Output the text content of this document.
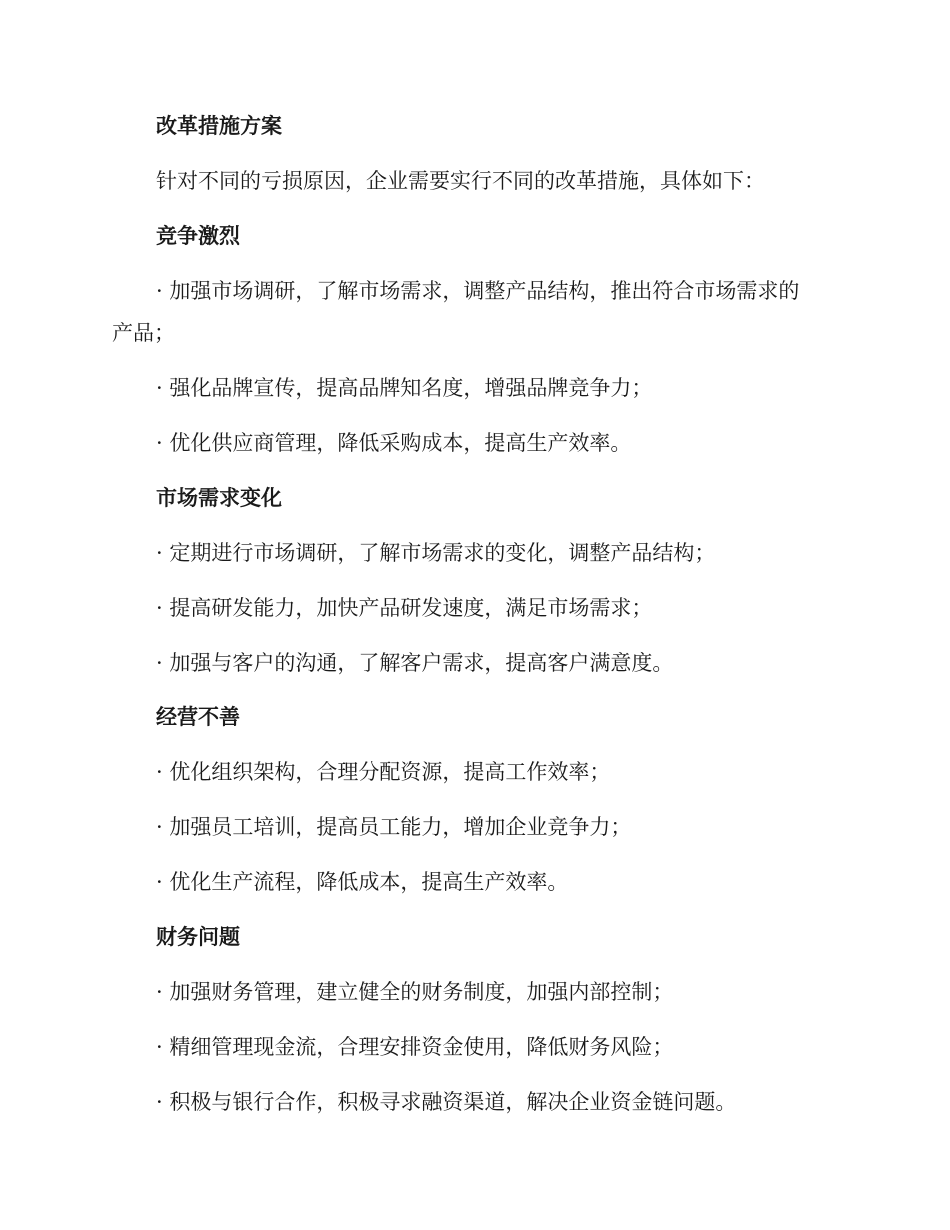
改革措施方案
针对不同的亏损原因，企业需要实行不同的改革措施，具体如下：
竞争激烈
· 加强市场调研，了解市场需求，调整产品结构，推出符合市场需求的
产品；
· 强化品牌宣传，提高品牌知名度，增强品牌竞争力；
· 优化供应商管理，降低采购成本，提高生产效率。
市场需求变化
· 定期进行市场调研，了解市场需求的变化，调整产品结构；
· 提高研发能力，加快产品研发速度，满足市场需求；
· 加强与客户的沟通，了解客户需求，提高客户满意度。
经营不善
· 优化组织架构，合理分配资源，提高工作效率；
· 加强员工培训，提高员工能力，增加企业竞争力；
· 优化生产流程，降低成本，提高生产效率。
财务问题
· 加强财务管理，建立健全的财务制度，加强内部控制；
· 精细管理现金流，合理安排资金使用，降低财务风险；
· 积极与银行合作，积极寻求融资渠道，解决企业资金链问题。
